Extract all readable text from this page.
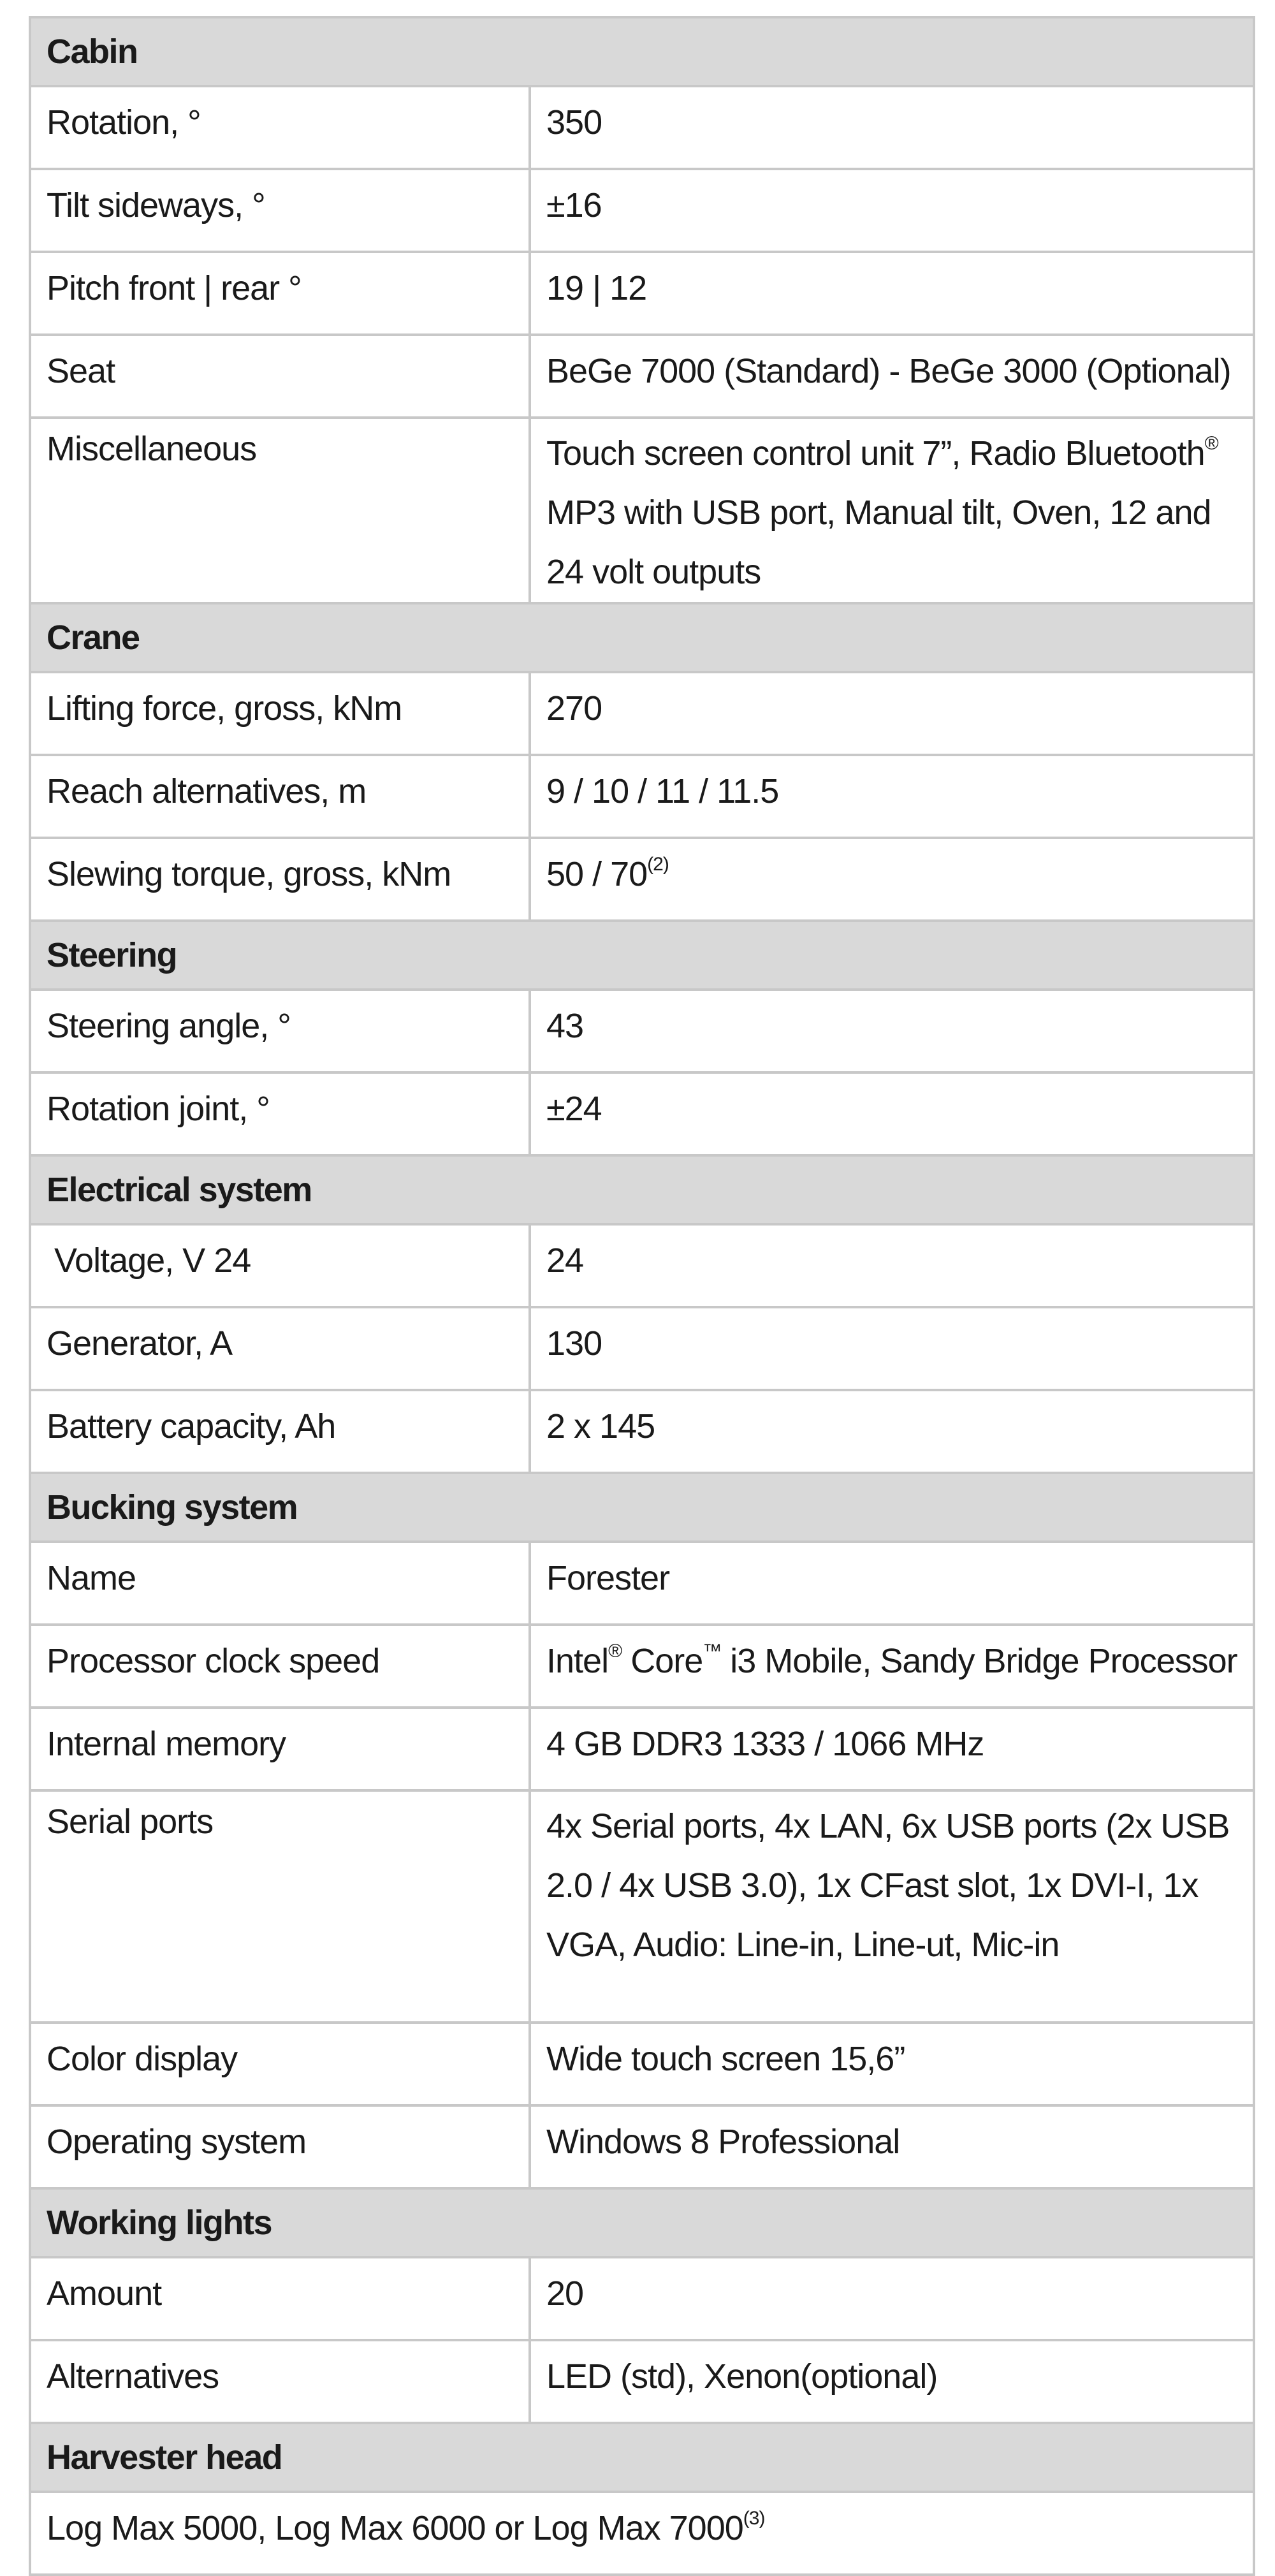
Cabin	
Rotation, °	350
Tilt sideways, °	±16
Pitch front | rear °	19 | 12
Seat	BeGe 7000 (Standard) - BeGe 3000 (Optional)
Miscellaneous	Touch screen control unit 7”, Radio Bluetooth® MP3 with USB port, Manual tilt, Oven, 12 and 24 volt outputs
Crane	
Lifting force, gross, kNm	270
Reach alternatives, m	9 / 10 / 11 / 11.5
Slewing torque, gross, kNm	50 / 70$^{(2)}$
Steering	
Steering angle, °	43
Rotation joint, °	±24
Electrical system	
Voltage, V 24	24
Generator, A	130
Battery capacity, Ah	2 x 145
Bucking system	
Name	Forester
Processor clock speed	Intel® Core™ i3 Mobile, Sandy Bridge Processor
Internal memory	4 GB DDR3 1333 / 1066 MHz
Serial ports	4x Serial ports, 4x LAN, 6x USB ports (2x USB 2.0 / 4x USB 3.0), 1x CFast slot, 1x DVI-I, 1x VGA, Audio: Line-in, Line-ut, Mic-in
Color display	Wide touch screen 15,6”
Operating system	Windows 8 Professional
Working lights	
Amount	20
Alternatives	LED (std), Xenon(optional)
Harvester head	
Log Max 5000, Log Max 6000 or Log Max 7000$^{(3)}$
